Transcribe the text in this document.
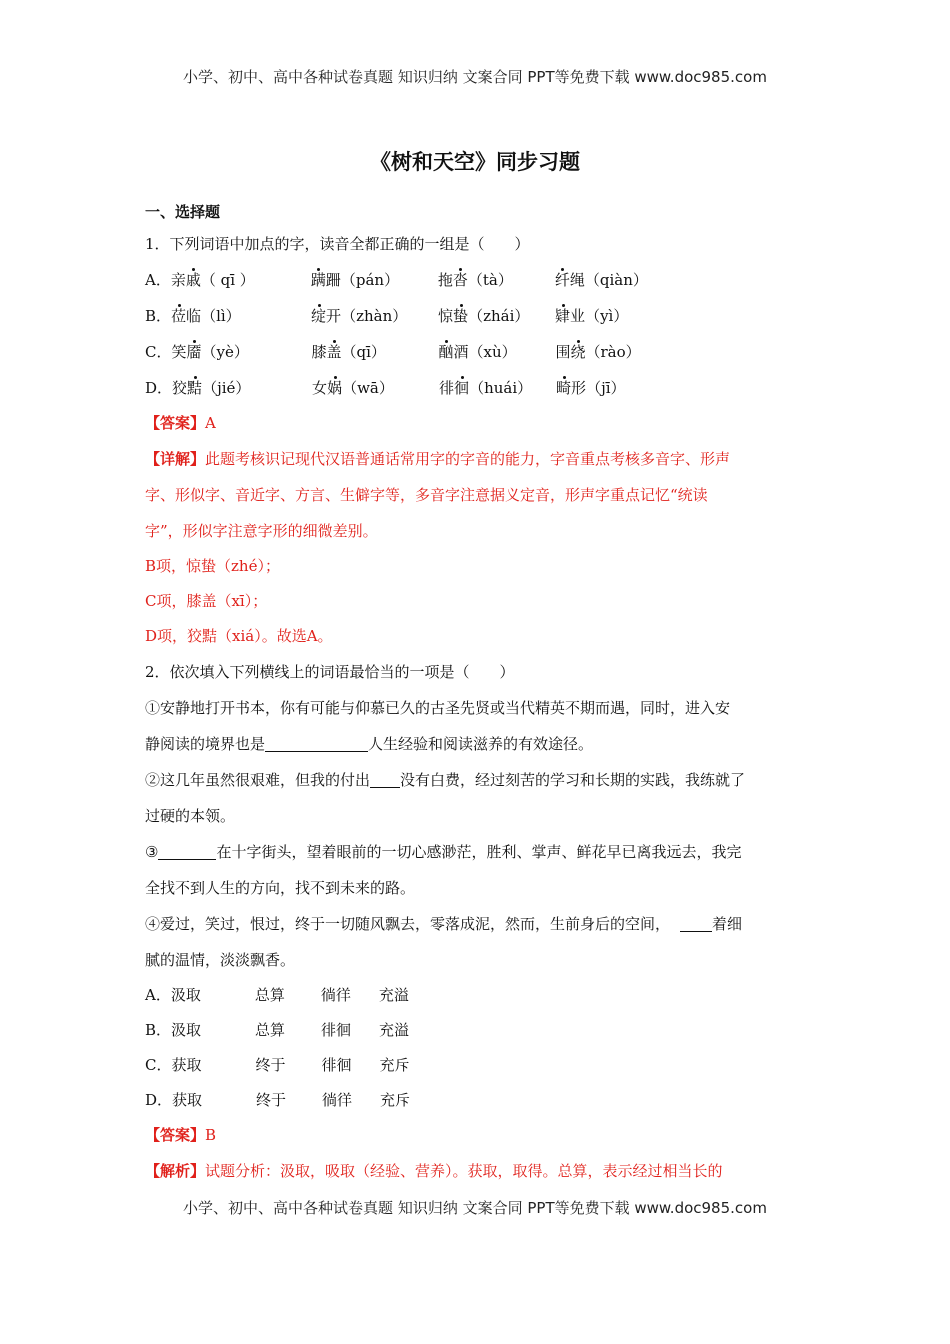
小学、初中、高中各种试卷真题 知识归纳 文案合同 PPT等免费下载 www.doc985.com
《树和天空》同步习题
一、选择题
1．下列词语中加点的字，读音全都正确的一组是（　　）
A．亲戚（ qī ）	蹒跚（pán）	拖沓（tà）	纤绳（qiàn）
B．莅临（lì）	绽开（zhàn） 惊蛰（zhái） 肄业（yì）
C．笑靥（yè）	膝盖（qī）	酗酒（xù）	围绕（rào）
D．狡黠（jié）	女娲（wā）	徘徊（huái） 畸形（jī）
【答案】A
【详解】此题考核识记现代汉语普通话常用字的字音的能力，字音重点考核多音字、形声
字、形似字、音近字、方言、生僻字等，多音字注意据义定音，形声字重点记忆“统读
字”，形似字注意字形的细微差别。
B项，惊蛰（zhé）；
C项，膝盖（xī）；
D项，狡黠（xiá）。故选A。
2．依次填入下列横线上的词语最恰当的一项是（　　）
①安静地打开书本，你有可能与仰慕已久的古圣先贤或当代精英不期而遇，同时，进入安
静阅读的境界也是	人生经验和阅读滋养的有效途径。
②这几年虽然很艰难，但我的付出 没有白费，经过刻苦的学习和长期的实践，我练就了
过硬的本领。
③	在十字街头，望着眼前的一切心感渺茫，胜利、掌声、鲜花早已离我远去，我完
全找不到人生的方向，找不到未来的路。
④爱过，笑过，恨过，终于一切随风飘去，零落成泥，然而，生前身后的空间，	着细
腻的温情，淡淡飘香。
A．汲取	总算 徜徉 充溢
B．汲取	总算 徘徊 充溢
C．获取	终于 徘徊 充斥
D．获取	终于 徜徉 充斥
【答案】B
【解析】试题分析：汲取，吸取（经验、营养）。获取，取得。总算，表示经过相当长的
小学、初中、高中各种试卷真题 知识归纳 文案合同 PPT等免费下载 www.doc985.com
